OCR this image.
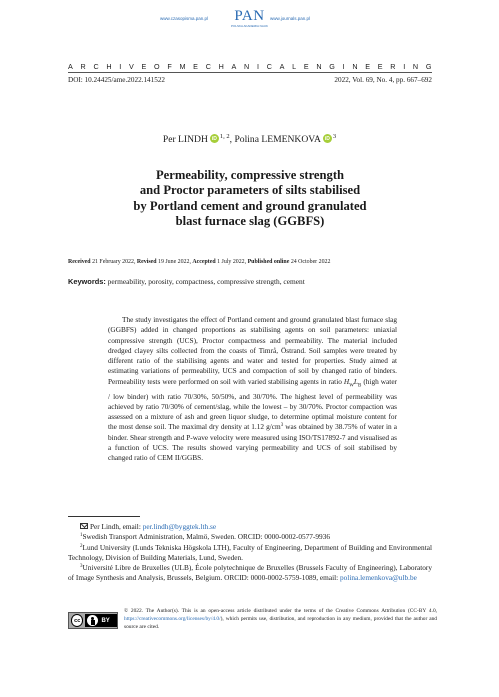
www.czasopisma.pan.pl PAN
POLSKA AKADEMIA NAUK
www.journals.pan.pl
A R C H I V E O F M E C H A N I C A L E N G I N E E R I N G
DOI: 10.24425/ame.2022.141522	2022, Vol. 69, No. 4, pp. 667–692
Per LINDH iD $^{1, 2}$, Polina LEMENKOVA iD $^3$
Permeability, compressive strength
and Proctor parameters of silts stabilised
by Portland cement and ground granulated
blast furnace slag (GGBFS)
Received 21 February 2022, Revised 19 June 2022, Accepted 1 July 2022, Published online 24 October 2022
Keywords: permeability, porosity, compactness, compressive strength, cement

The study investigates the effect of Portland cement and ground granulated blast furnace slag (GGBFS) added in changed proportions as stabilising agents on soil parameters: uniaxial compressive strength (UCS), Proctor compactness and permeability. The material included dredged clayey silts collected from the coasts of Timrå, Östrand. Soil samples were treated by different ratio of the stabilising agents and water and tested for properties. Study aimed at estimating variations of permeability, UCS and compaction of soil by changed ratio of binders. Permeability tests were performed on soil with varied stabilising agents in ratio $H_WL_B$ (high water / low binder) with ratio 70/30%, 50/50%, and 30/70%. The highest level of permeability was achieved by ratio 70/30% of cement/slag, while the lowest – by 30/70%. Proctor compaction was assessed on a mixture of ash and green liquor sludge, to determine optimal moisture content for the most dense soil. The maximal dry density at 1.12 $g/cm^3$ was obtained by 38.75% of water in a binder. Shear strength and P-wave velocity were measured using ISO/TS17892-7 and visualised as a function of UCS. The results showed varying permeability and UCS of soil stabilised by changed ratio of CEM II/GGBS.

Per Lindh, email: per.lindh@byggtek.lth.se
$^1$Swedish Transport Administration, Malmö, Sweden. ORCID: 0000-0002-0577-9936
$^2$Lund University (Lunds Tekniska Högskola LTH), Faculty of Engineering, Department of Building and Environmental Technology, Division of Building Materials, Lund, Sweden.
$^3$Université Libre de Bruxelles (ULB), École polytechnique de Bruxelles (Brussels Faculty of Engineering), Laboratory of Image Synthesis and Analysis, Brussels, Belgium. ORCID: 0000-0002-5759-1089, email: polina.lemenkova@ulb.be
cc	BY
© 2022. The Author(s). This is an open-access article distributed under the terms of the Creative Commons Attribution (CC-BY 4.0, https://creativecommons.org/licenses/by/4.0/), which permits use, distribution, and reproduction in any medium, provided that the author and source are cited.
